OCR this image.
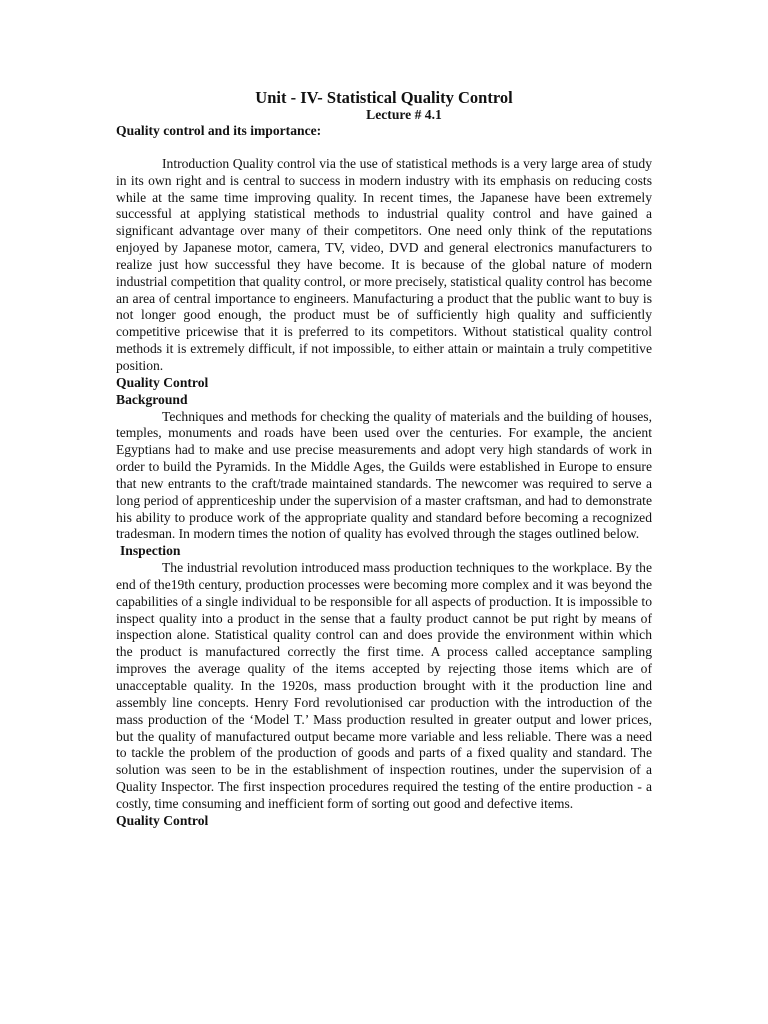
Unit - IV- Statistical Quality Control
Lecture # 4.1
Quality control and its importance:

Introduction Quality control via the use of statistical methods is a very large area of study in its own right and is central to success in modern industry with its emphasis on reducing costs while at the same time improving quality. In recent times, the Japanese have been extremely successful at applying statistical methods to industrial quality control and have gained a significant advantage over many of their competitors. One need only think of the reputations enjoyed by Japanese motor, camera, TV, video, DVD and general electronics manufacturers to realize just how successful they have become. It is because of the global nature of modern industrial competition that quality control, or more precisely, statistical quality control has become an area of central importance to engineers. Manufacturing a product that the public want to buy is not longer good enough, the product must be of sufficiently high quality and sufficiently competitive pricewise that it is preferred to its competitors. Without statistical quality control methods it is extremely difficult, if not impossible, to either attain or maintain a truly competitive position.

Quality Control
Background

Techniques and methods for checking the quality of materials and the building of houses, temples, monuments and roads have been used over the centuries. For example, the ancient Egyptians had to make and use precise measurements and adopt very high standards of work in order to build the Pyramids. In the Middle Ages, the Guilds were established in Europe to ensure that new entrants to the craft/trade maintained standards. The newcomer was required to serve a long period of apprenticeship under the supervision of a master craftsman, and had to demonstrate his ability to produce work of the appropriate quality and standard before becoming a recognized tradesman. In modern times the notion of quality has evolved through the stages outlined below.

Inspection

The industrial revolution introduced mass production techniques to the workplace. By the end of the19th century, production processes were becoming more complex and it was beyond the capabilities of a single individual to be responsible for all aspects of production. It is impossible to inspect quality into a product in the sense that a faulty product cannot be put right by means of inspection alone. Statistical quality control can and does provide the environment within which the product is manufactured correctly the first time. A process called acceptance sampling improves the average quality of the items accepted by rejecting those items which are of unacceptable quality. In the 1920s, mass production brought with it the production line and assembly line concepts. Henry Ford revolutionised car production with the introduction of the mass production of the ‘Model T.’ Mass production resulted in greater output and lower prices, but the quality of manufactured output became more variable and less reliable. There was a need to tackle the problem of the production of goods and parts of a fixed quality and standard. The solution was seen to be in the establishment of inspection routines, under the supervision of a Quality Inspector. The first inspection procedures required the testing of the entire production - a costly, time consuming and inefficient form of sorting out good and defective items.

Quality Control
